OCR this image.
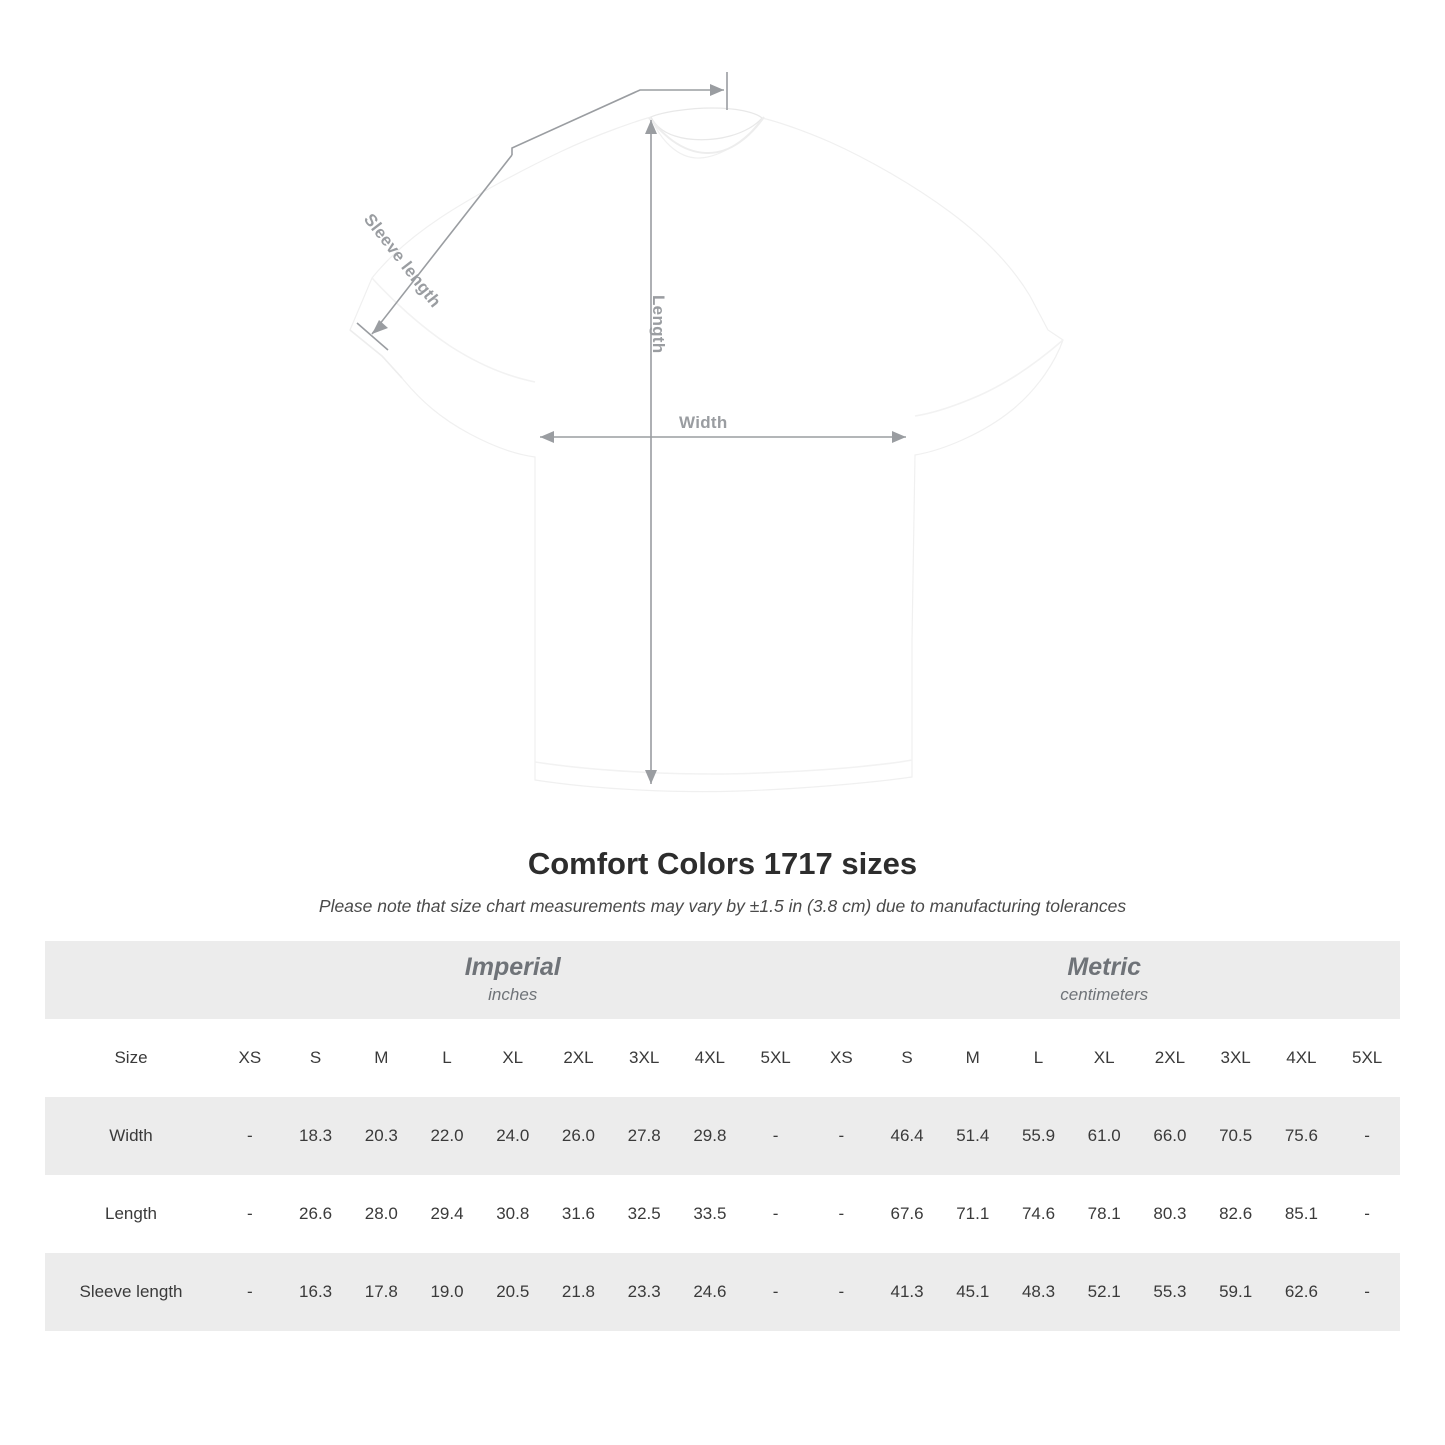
Width
Length
Sleeve length
Comfort Colors 1717 sizes

Please note that size chart measurements may vary by ±1.5 in (3.8 cm) due to manufacturing tolerances

	Imperial
inches									Metric
centimeters								

Size	XS	S	M	L	XL	2XL	3XL	4XL	5XL	XS	S	M	L	XL	2XL	3XL	4XL	5XL
Width	-	18.3	20.3	22.0	24.0	26.0	27.8	29.8	-	-	46.4	51.4	55.9	61.0	66.0	70.5	75.6	-
Length	-	26.6	28.0	29.4	30.8	31.6	32.5	33.5	-	-	67.6	71.1	74.6	78.1	80.3	82.6	85.1	-
Sleeve length	-	16.3	17.8	19.0	20.5	21.8	23.3	24.6	-	-	41.3	45.1	48.3	52.1	55.3	59.1	62.6	-
